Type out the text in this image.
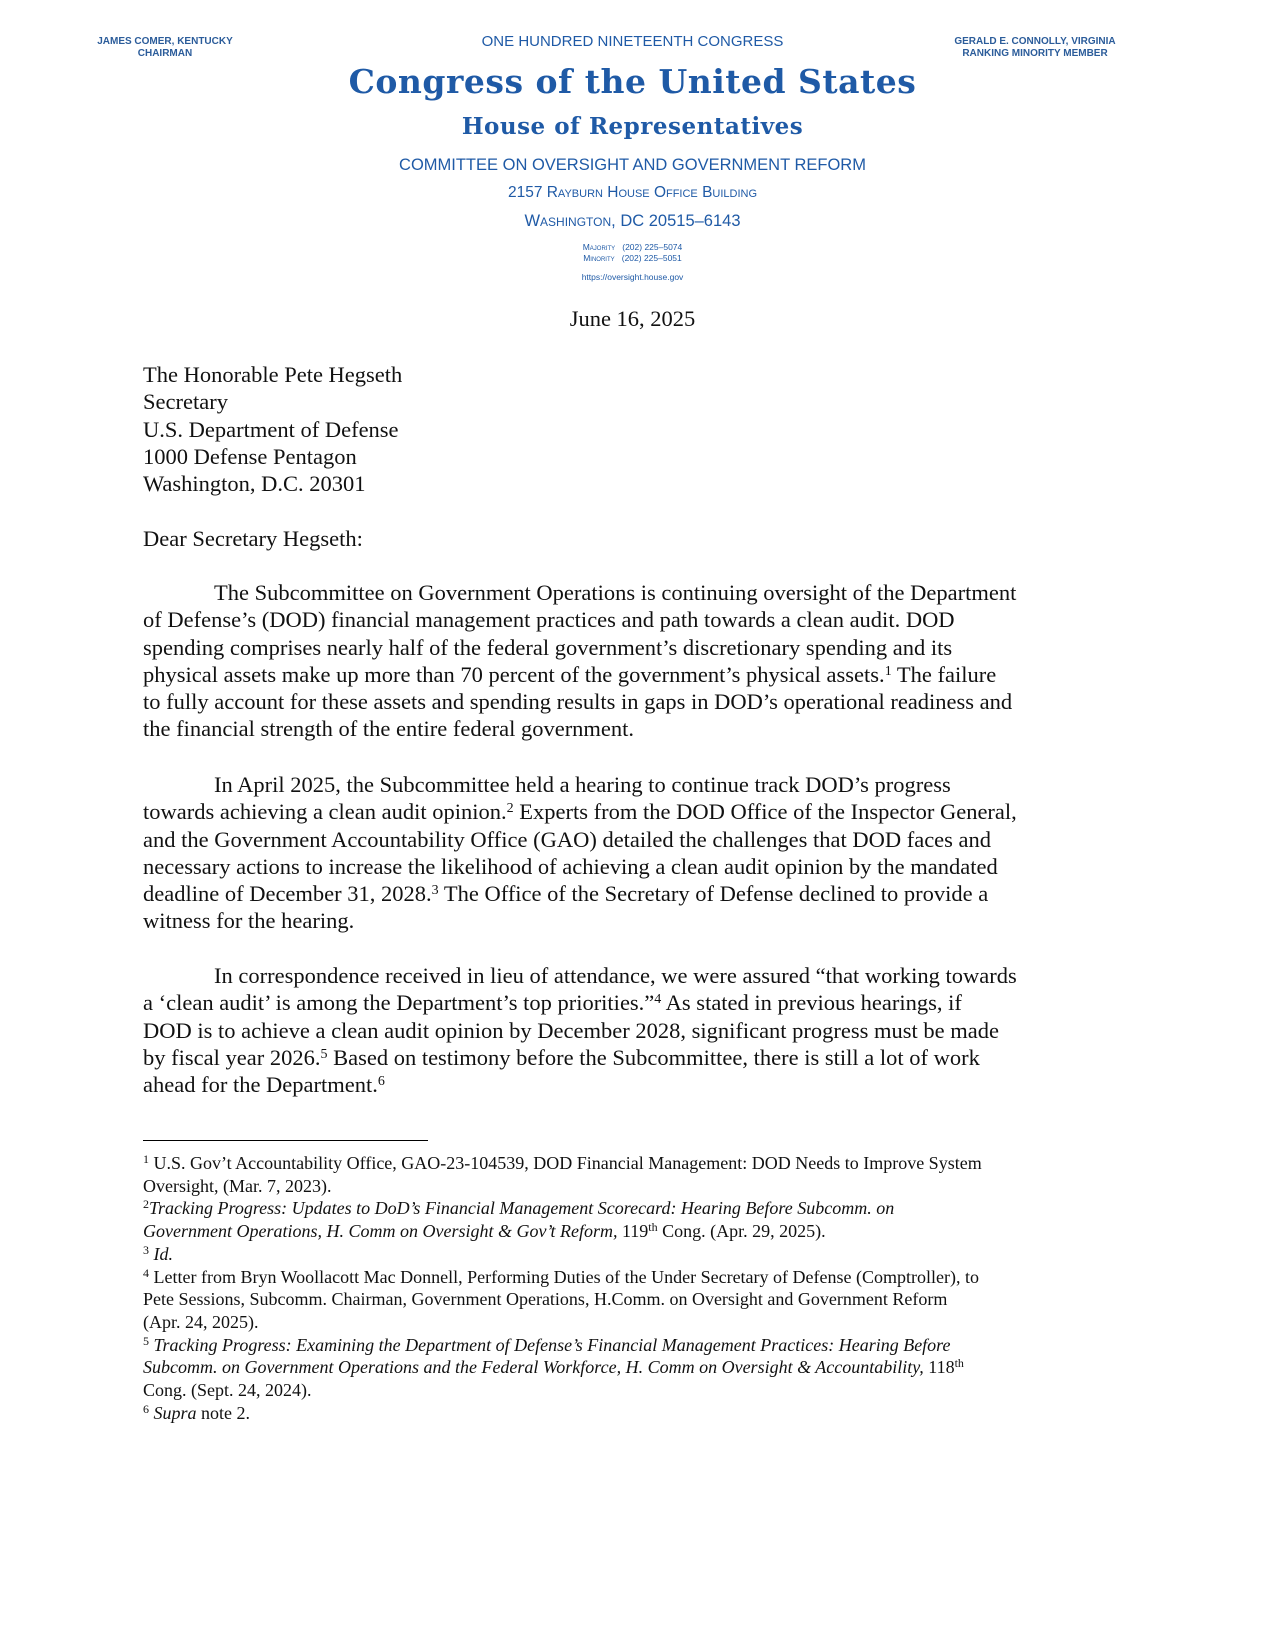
JAMES COMER, KENTUCKY
CHAIRMAN
GERALD E. CONNOLLY, VIRGINIA
RANKING MINORITY MEMBER
ONE HUNDRED NINETEENTH CONGRESS
Congress of the United States
House of Representatives
COMMITTEE ON OVERSIGHT AND GOVERNMENT REFORM
2157 Rayburn House Office Building
Washington, DC 20515–6143
Majority (202) 225–5074
Minority (202) 225–5051
https://oversight.house.gov
June 16, 2025
The Honorable Pete Hegseth
Secretary
U.S. Department of Defense
1000 Defense Pentagon
Washington, D.C. 20301
Dear Secretary Hegseth:
The Subcommittee on Government Operations is continuing oversight of the Department
of Defense’s (DOD) financial management practices and path towards a clean audit. DOD
spending comprises nearly half of the federal government’s discretionary spending and its
physical assets make up more than 70 percent of the government’s physical assets.$^1$ The failure
to fully account for these assets and spending results in gaps in DOD’s operational readiness and
the financial strength of the entire federal government.
In April 2025, the Subcommittee held a hearing to continue track DOD’s progress
towards achieving a clean audit opinion.$^2$ Experts from the DOD Office of the Inspector General,
and the Government Accountability Office (GAO) detailed the challenges that DOD faces and
necessary actions to increase the likelihood of achieving a clean audit opinion by the mandated
deadline of December 31, 2028.$^3$ The Office of the Secretary of Defense declined to provide a
witness for the hearing.
In correspondence received in lieu of attendance, we were assured “that working towards
a ‘clean audit’ is among the Department’s top priorities.”$^4$ As stated in previous hearings, if
DOD is to achieve a clean audit opinion by December 2028, significant progress must be made
by fiscal year 2026.$^5$ Based on testimony before the Subcommittee, there is still a lot of work
ahead for the Department.$^6$
$^1$ U.S. Gov’t Accountability Office, GAO-23-104539, DOD Financial Management: DOD Needs to Improve System
Oversight, (Mar. 7, 2023).
$^2$Tracking Progress: Updates to DoD’s Financial Management Scorecard: Hearing Before Subcomm. on
Government Operations, H. Comm on Oversight & Gov’t Reform, 119th Cong. (Apr. 29, 2025).
$^3$ Id.
$^4$ Letter from Bryn Woollacott Mac Donnell, Performing Duties of the Under Secretary of Defense (Comptroller), to
Pete Sessions, Subcomm. Chairman, Government Operations, H.Comm. on Oversight and Government Reform
(Apr. 24, 2025).
$^5$ Tracking Progress: Examining the Department of Defense’s Financial Management Practices: Hearing Before
Subcomm. on Government Operations and the Federal Workforce, H. Comm on Oversight & Accountability, 118th
Cong. (Sept. 24, 2024).
$^6$ Supra note 2.
